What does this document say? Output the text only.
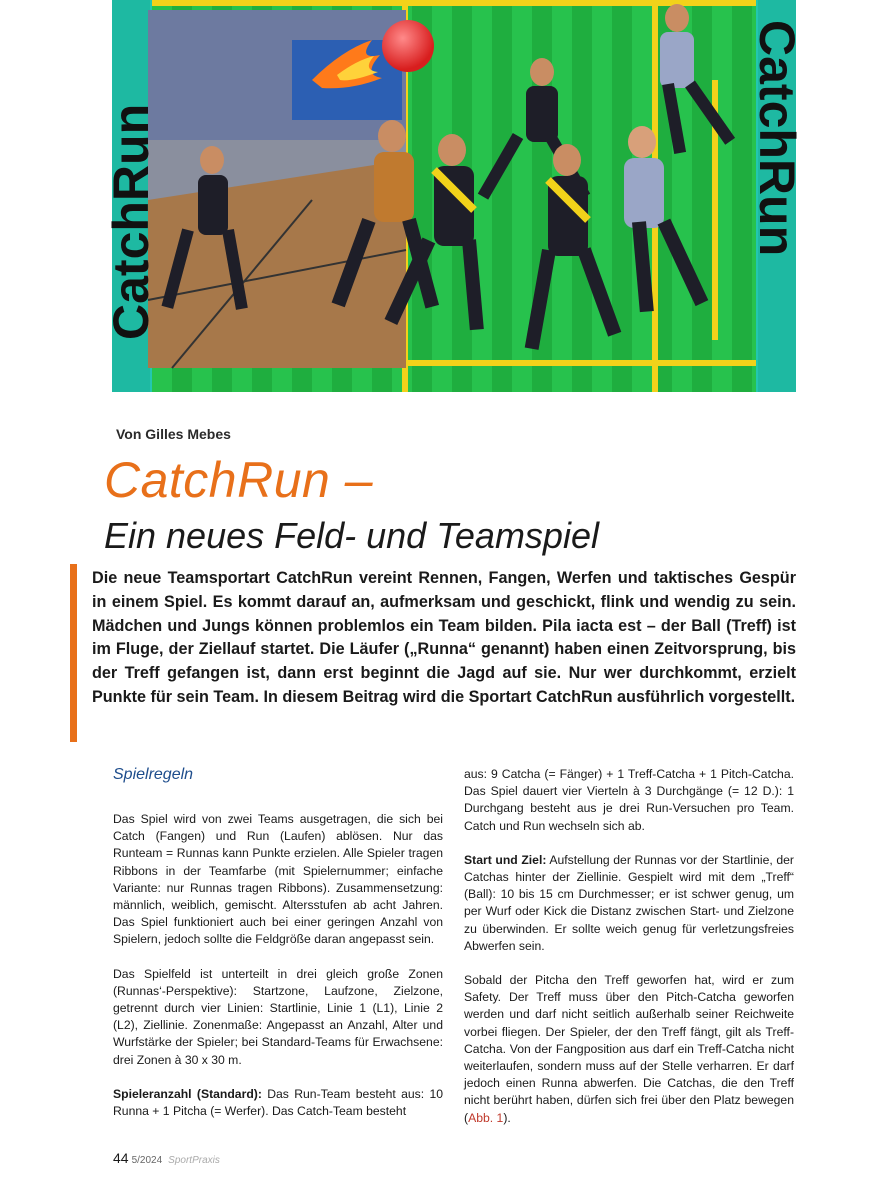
CatchRun	CatchRun
Von Gilles Mebes
CatchRun –
Ein neues Feld- und Teamspiel
Die neue Teamsportart CatchRun vereint Rennen, Fangen, Werfen und taktisches Gespür in einem Spiel. Es kommt darauf an, aufmerksam und geschickt, flink und wendig zu sein. Mädchen und Jungs können problemlos ein Team bilden. Pila iacta est – der Ball (Treff) ist im Fluge, der Ziellauf startet. Die Läufer („Runna“ genannt) haben einen Zeitvorsprung, bis der Treff gefangen ist, dann erst beginnt die Jagd auf sie. Nur wer durchkommt, erzielt Punkte für sein Team. In diesem Beitrag wird die Sportart CatchRun ausführlich vorgestellt.
Spielregeln

Das Spiel wird von zwei Teams ausgetragen, die sich bei Catch (Fangen) und Run (Laufen) ablösen. Nur das Runteam = Runnas kann Punkte erzielen. Alle Spieler tragen Ribbons in der Teamfarbe (mit Spielernummer; einfache Variante: nur Runnas tragen Ribbons). Zusammensetzung: männlich, weiblich, gemischt. Altersstufen ab acht Jahren. Das Spiel funktioniert auch bei einer geringen Anzahl von Spielern, jedoch sollte die Feldgröße daran angepasst sein.

Das Spielfeld ist unterteilt in drei gleich große Zonen (Runnas‘-Perspektive): Startzone, Laufzone, Zielzone, getrennt durch vier Linien: Startlinie, Linie 1 (L1), Linie 2 (L2), Ziellinie. Zonenmaße: Angepasst an Anzahl, Alter und Wurfstärke der Spieler; bei Standard-Teams für Erwachsene: drei Zonen à 30 x 30 m.

Spieleranzahl (Standard): Das Run-Team besteht aus: 10 Runna + 1 Pitcha (= Werfer). Das Catch-Team besteht

aus: 9 Catcha (= Fänger) + 1 Treff-Catcha + 1 Pitch-Catcha. Das Spiel dauert vier Vierteln à 3 Durchgänge (= 12 D.): 1 Durchgang besteht aus je drei Run-Versuchen pro Team. Catch und Run wechseln sich ab.

Start und Ziel: Aufstellung der Runnas vor der Startlinie, der Catchas hinter der Ziellinie. Gespielt wird mit dem „Treff“ (Ball): 10 bis 15 cm Durchmesser; er ist schwer genug, um per Wurf oder Kick die Distanz zwischen Start- und Zielzone zu überwinden. Er sollte weich genug für verletzungsfreies Abwerfen sein.

Sobald der Pitcha den Treff geworfen hat, wird er zum Safety. Der Treff muss über den Pitch-Catcha geworfen werden und darf nicht seitlich außerhalb seiner Reichweite vorbei fliegen. Der Spieler, der den Treff fängt, gilt als Treff-Catcha. Von der Fangposition aus darf ein Treff-Catcha nicht weiterlaufen, sondern muss auf der Stelle verharren. Er darf jedoch einen Runna abwerfen. Die Catchas, die den Treff nicht berührt haben, dürfen sich frei über den Platz bewegen (Abb. 1).

44 5/2024 SportPraxis
